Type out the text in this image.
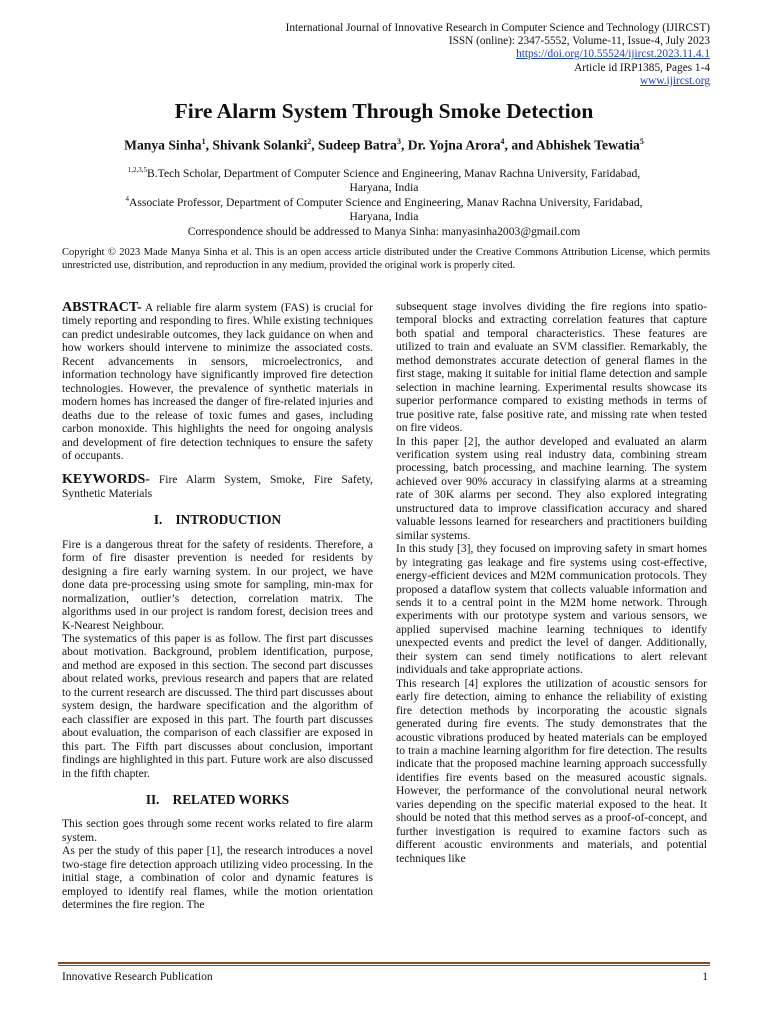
International Journal of Innovative Research in Computer Science and Technology (IJIRCST)
ISSN (online): 2347-5552, Volume-11, Issue-4, July 2023
https://doi.org/10.55524/ijircst.2023.11.4.1
Article id IRP1385, Pages 1-4
www.ijircst.org
Fire Alarm System Through Smoke Detection
Manya Sinha$^1$, Shivank Solanki$^2$, Sudeep Batra$^3$, Dr. Yojna Arora$^4$, and Abhishek Tewatia$^5$
$^{1,2,3,5}$B.Tech Scholar, Department of Computer Science and Engineering, Manav Rachna University, Faridabad,
Haryana, India
$^4$Associate Professor, Department of Computer Science and Engineering, Manav Rachna University, Faridabad,
Haryana, India
Correspondence should be addressed to Manya Sinha: manyasinha2003@gmail.com
Copyright © 2023 Made Manya Sinha et al. This is an open access article distributed under the Creative Commons Attribution License, which permits unrestricted use, distribution, and reproduction in any medium, provided the original work is properly cited.

ABSTRACT- A reliable fire alarm system (FAS) is crucial for timely reporting and responding to fires. While existing techniques can predict undesirable outcomes, they lack guidance on when and how workers should intervene to minimize the associated costs. Recent advancements in sensors, microelectronics, and information technology have significantly improved fire detection technologies. However, the prevalence of synthetic materials in modern homes has increased the danger of fire-related injuries and deaths due to the release of toxic fumes and gases, including carbon monoxide. This highlights the need for ongoing analysis and development of fire detection techniques to ensure the safety of occupants.

KEYWORDS- Fire Alarm System, Smoke, Fire Safety, Synthetic Materials

I.    INTRODUCTION

Fire is a dangerous threat for the safety of residents. Therefore, a form of fire disaster prevention is needed for residents by designing a fire early warning system. In our project, we have done data pre-processing using smote for sampling, min-max for normalization, outlier’s detection, correlation matrix. The algorithms used in our project is random forest, decision trees and K-Nearest Neighbour.

The systematics of this paper is as follow. The first part discusses about motivation. Background, problem identification, purpose, and method are exposed in this section. The second part discusses about related works, previous research and papers that are related to the current research are discussed. The third part discusses about system design, the hardware specification and the algorithm of each classifier are exposed in this part. The fourth part discusses about evaluation, the comparison of each classifier are exposed in this part. The Fifth part discusses about conclusion, important findings are highlighted in this part. Future work are also discussed in the fifth chapter.

II.    RELATED WORKS

This section goes through some recent works related to fire alarm system.

As per the study of this paper [1], the research introduces a novel two-stage fire detection approach utilizing video processing. In the initial stage, a combination of color and dynamic features is employed to identify real flames, while the motion orientation determines the fire region. The

subsequent stage involves dividing the fire regions into spatio-temporal blocks and extracting correlation features that capture both spatial and temporal characteristics. These features are utilized to train and evaluate an SVM classifier. Remarkably, the method demonstrates accurate detection of general flames in the first stage, making it suitable for initial flame detection and sample selection in machine learning. Experimental results showcase its superior performance compared to existing methods in terms of true positive rate, false positive rate, and missing rate when tested on fire videos.

In this paper [2], the author developed and evaluated an alarm verification system using real industry data, combining stream processing, batch processing, and machine learning. The system achieved over 90% accuracy in classifying alarms at a streaming rate of 30K alarms per second. They also explored integrating unstructured data to improve classification accuracy and shared valuable lessons learned for researchers and practitioners building similar systems.

In this study [3], they focused on improving safety in smart homes by integrating gas leakage and fire systems using cost-effective, energy-efficient devices and M2M communication protocols. They proposed a dataflow system that collects valuable information and sends it to a central point in the M2M home network. Through experiments with our prototype system and various sensors, we applied supervised machine learning techniques to identify unexpected events and predict the level of danger. Additionally, their system can send timely notifications to alert relevant individuals and take appropriate actions.

This research [4] explores the utilization of acoustic sensors for early fire detection, aiming to enhance the reliability of existing fire detection methods by incorporating the acoustic signals generated during fire events. The study demonstrates that the acoustic vibrations produced by heated materials can be employed to train a machine learning algorithm for fire detection. The results indicate that the proposed machine learning approach successfully identifies fire events based on the measured acoustic signals. However, the performance of the convolutional neural network varies depending on the specific material exposed to the heat. It should be noted that this method serves as a proof-of-concept, and further investigation is required to examine factors such as different acoustic environments and materials, and potential techniques like

Innovative Research Publication	1
